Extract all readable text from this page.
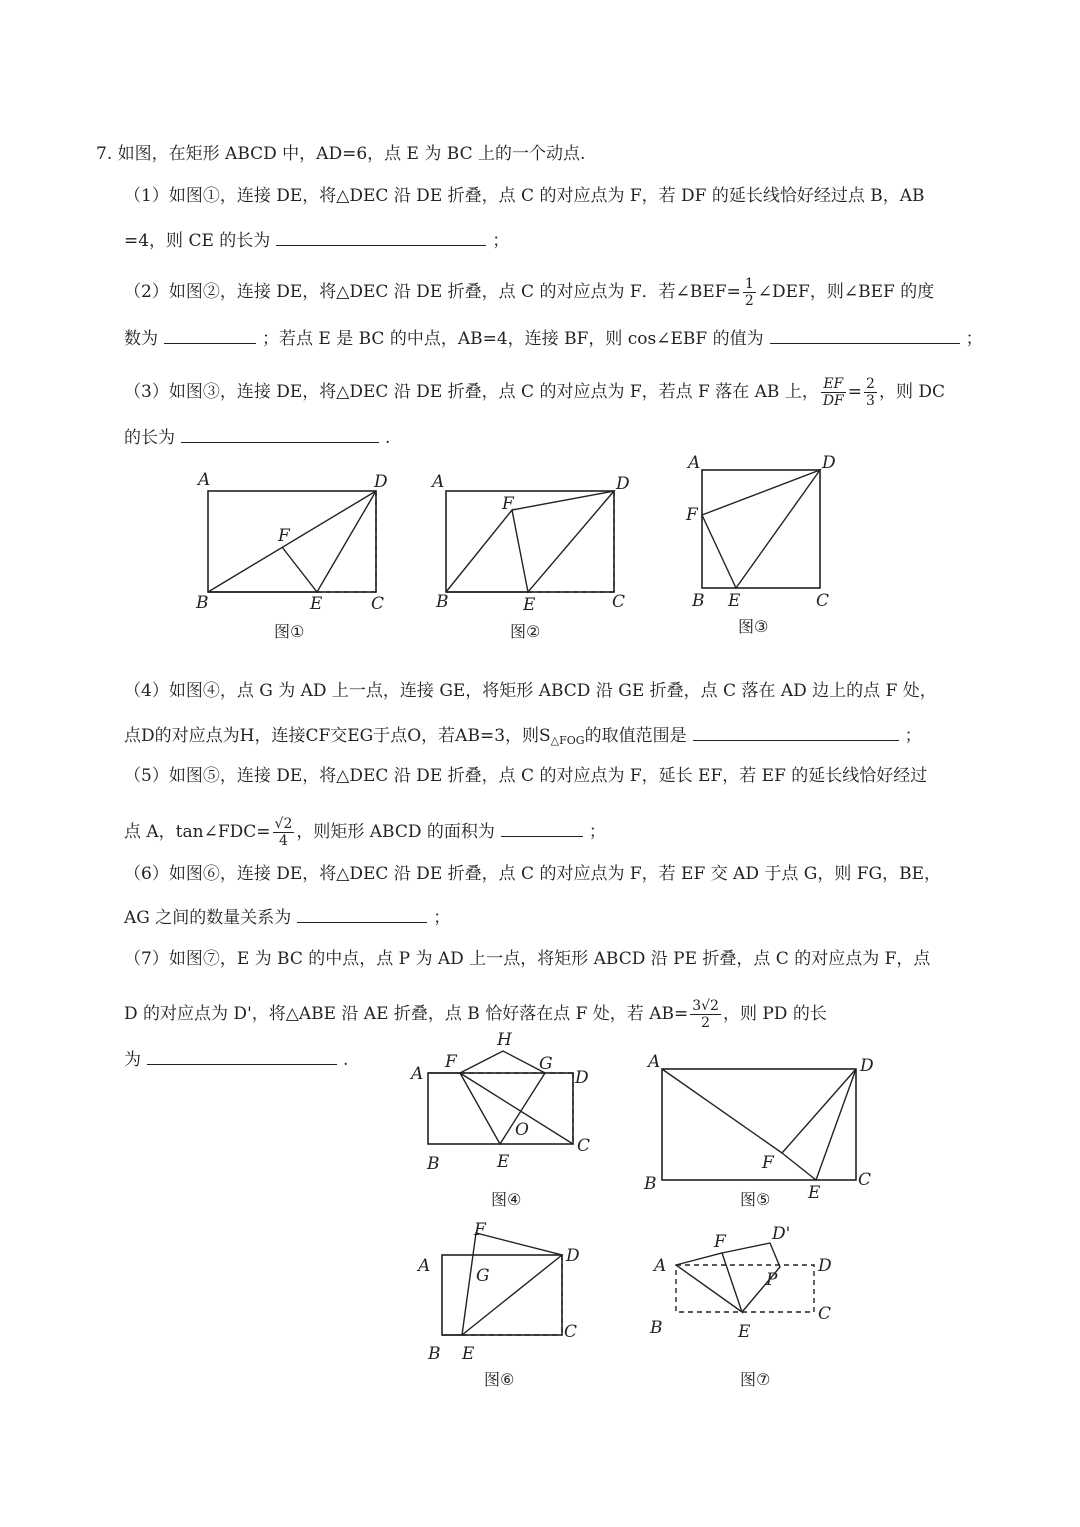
7. 如图，在矩形 ABCD 中，AD=6，点 E 为 BC 上的一个动点.
（1）如图①，连接 DE，将△DEC 沿 DE 折叠，点 C 的对应点为 F，若 DF 的延长线恰好经过点 B，AB
=4，则 CE 的长为	；
（2）如图②，连接 DE，将△DEC 沿 DE 折叠，点 C 的对应点为 F．若∠BEF= $\frac{1}{2}$ ∠DEF，则∠BEF 的度
数为	；若点 E 是 BC 的中点，AB=4，连接 BF，则 cos∠EBF 的值为	；
（3）如图③，连接 DE，将△DEC 沿 DE 折叠，点 C 的对应点为 F，若点 F 落在 AB 上， $\frac{EF}{DF} = \frac{2}{3}$ ，则 DC
的长为	.
A	D
F
B	E	C
图①
A	D
F
B	E	C
图②
A	D
F
B E	C
图③
（4）如图④，点 G 为 AD 上一点，连接 GE，将矩形 ABCD 沿 GE 折叠，点 C 落在 AD 边上的点 F 处，
点D的对应点为H，连接CF交EG于点O，若AB=3，则$S_{\triangle FOG}$的取值范围是	；
（5）如图⑤，连接 DE，将△DEC 沿 DE 折叠，点 C 的对应点为 F，延长 EF，若 EF 的延长线恰好经过
点 A，tan∠FDC= $\frac{√2}{4}$ ，则矩形 ABCD 的面积为	；
（6）如图⑥，连接 DE，将△DEC 沿 DE 折叠，点 C 的对应点为 F，若 EF 交 AD 于点 G，则 FG，BE，
AG 之间的数量关系为	；
（7）如图⑦，E 为 BC 的中点，点 P 为 AD 上一点，将矩形 ABCD 沿 PE 折叠，点 C 的对应点为 F，点
D 的对应点为 D'，将△ABE 沿 AE 折叠，点 B 恰好落在点 F 处，若 $AB= \frac{3√2}{2}$ ，则 PD 的长
为	.
H
A
F	G
D
O
B	E
C
图④
A	D
F
B	E
C
图⑤
F
A	G
D
C
B E
图⑥
F	D'
A
P
D
C
B	E
图⑦
